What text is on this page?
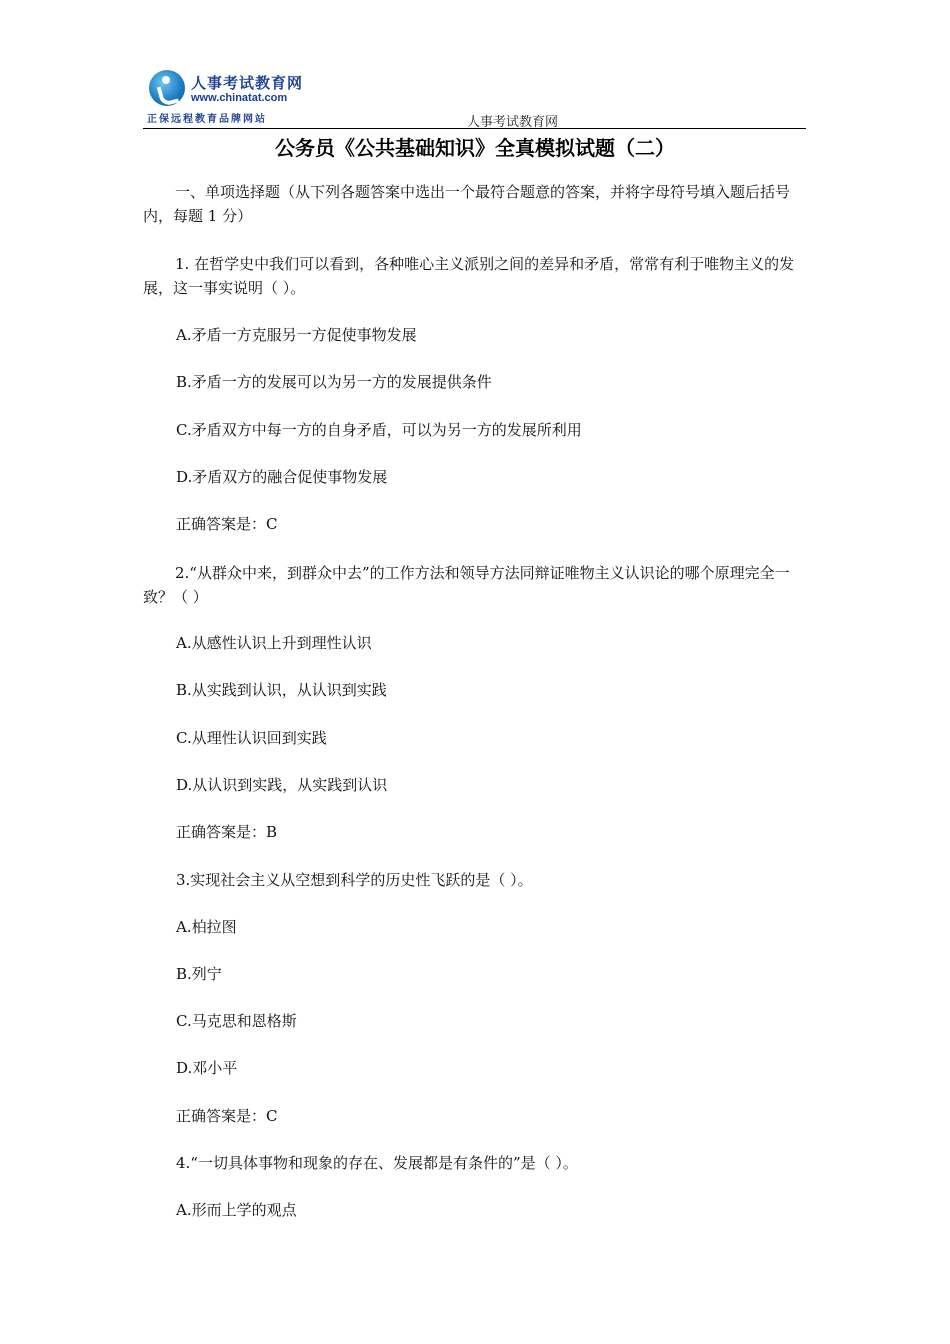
人事考试教育网
www.chinatat.com
正保远程教育品牌网站	人事考试教育网
公务员《公共基础知识》全真模拟试题（二）
一、单项选择题（从下列各题答案中选出一个最符合题意的答案，并将字母符号填入题后括号内，每题 1 分）
1. 在哲学史中我们可以看到，各种唯心主义派别之间的差异和矛盾，常常有利于唯物主义的发展，这一事实说明（ ）。
A.矛盾一方克服另一方促使事物发展
B.矛盾一方的发展可以为另一方的发展提供条件
C.矛盾双方中每一方的自身矛盾，可以为另一方的发展所利用
D.矛盾双方的融合促使事物发展
正确答案是：C
2.“从群众中来，到群众中去”的工作方法和领导方法同辩证唯物主义认识论的哪个原理完全一致？（ ）
A.从感性认识上升到理性认识
B.从实践到认识，从认识到实践
C.从理性认识回到实践
D.从认识到实践，从实践到认识
正确答案是：B
3.实现社会主义从空想到科学的历史性飞跃的是（ ）。
A.柏拉图
B.列宁
C.马克思和恩格斯
D.邓小平
正确答案是：C
4.“一切具体事物和现象的存在、发展都是有条件的”是（ ）。
A.形而上学的观点
